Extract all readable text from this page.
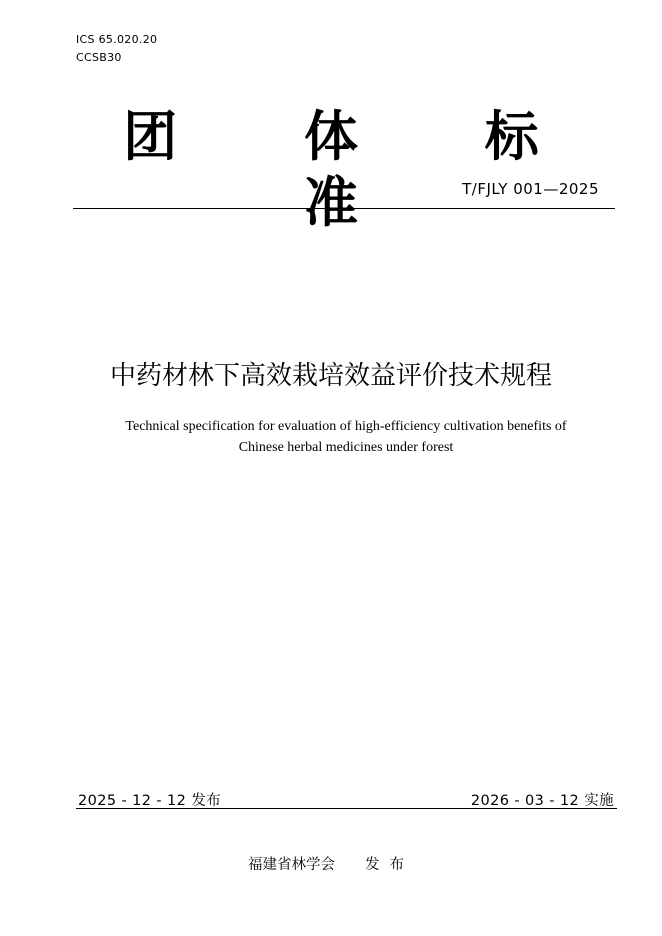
ICS 65.020.20
CCSB30
团 体 标 准	T/FJLY 001—2025
中药材林下高效栽培效益评价技术规程
Technical specification for evaluation of high-efficiency cultivation benefits of
Chinese herbal medicines under forest
2025 - 12 - 12 发布	2026 - 03 - 12 实施
福建省林学会 发布
